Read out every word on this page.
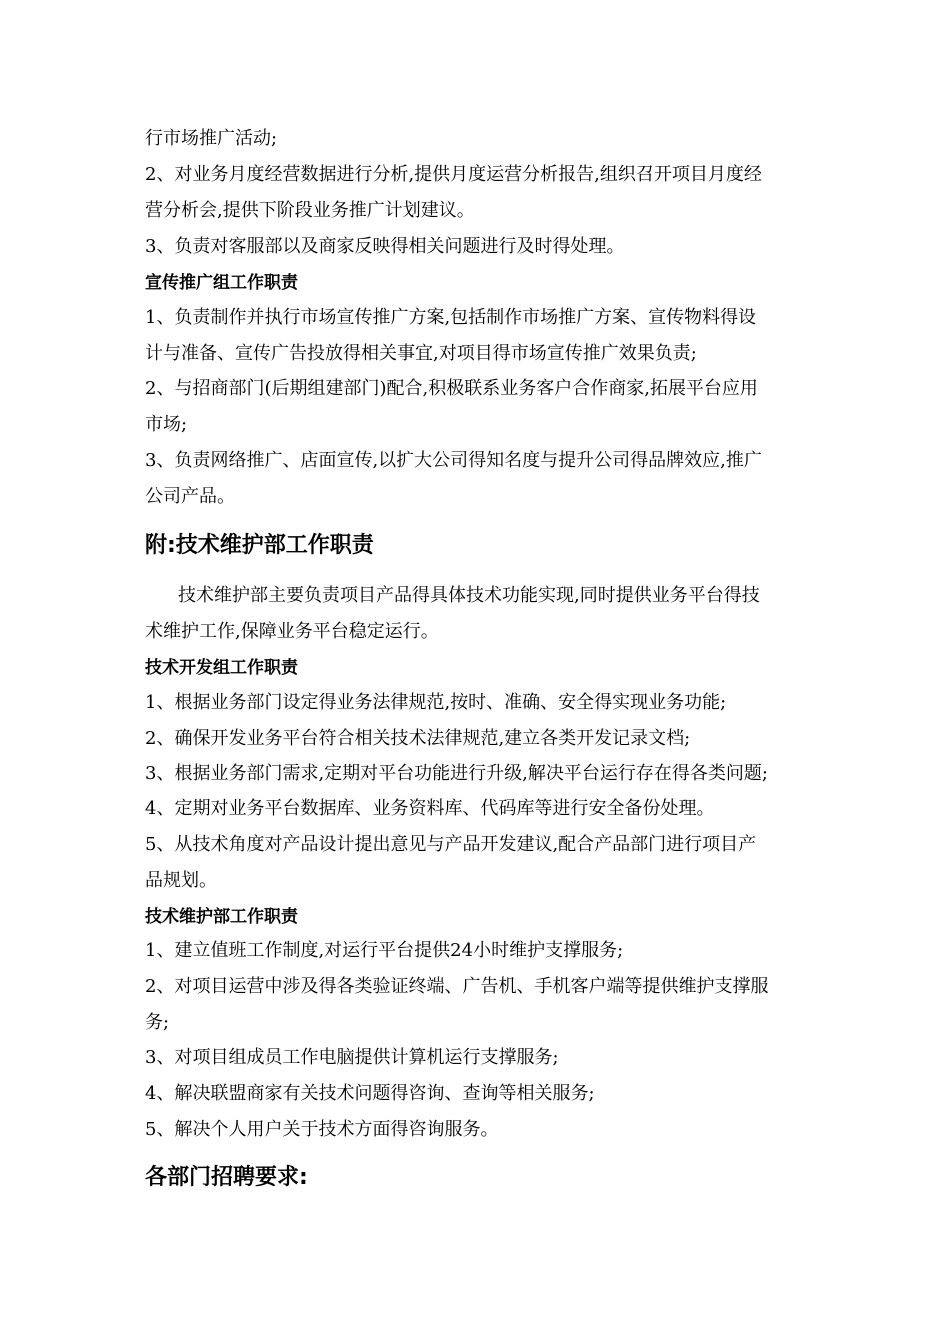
行市场推广活动;
2、对业务月度经营数据进行分析,提供月度运营分析报告,组织召开项目月度经
营分析会,提供下阶段业务推广计划建议。
3、负责对客服部以及商家反映得相关问题进行及时得处理。
宣传推广组工作职责
1、负责制作并执行市场宣传推广方案,包括制作市场推广方案、宣传物料得设
计与准备、宣传广告投放得相关事宜,对项目得市场宣传推广效果负责;
2、与招商部门(后期组建部门)配合,积极联系业务客户合作商家,拓展平台应用
市场;
3、负责网络推广、店面宣传,以扩大公司得知名度与提升公司得品牌效应,推广
公司产品。
附:技术维护部工作职责
技术维护部主要负责项目产品得具体技术功能实现,同时提供业务平台得技
术维护工作,保障业务平台稳定运行。
技术开发组工作职责
1、根据业务部门设定得业务法律规范,按时、准确、安全得实现业务功能;
2、确保开发业务平台符合相关技术法律规范,建立各类开发记录文档;
3、根据业务部门需求,定期对平台功能进行升级,解决平台运行存在得各类问题;
4、定期对业务平台数据库、业务资料库、代码库等进行安全备份处理。
5、从技术角度对产品设计提出意见与产品开发建议,配合产品部门进行项目产
品规划。
技术维护部工作职责
1、建立值班工作制度,对运行平台提供24小时维护支撑服务;
2、对项目运营中涉及得各类验证终端、广告机、手机客户端等提供维护支撑服
务;
3、对项目组成员工作电脑提供计算机运行支撑服务;
4、解决联盟商家有关技术问题得咨询、查询等相关服务;
5、解决个人用户关于技术方面得咨询服务。
各部门招聘要求:
